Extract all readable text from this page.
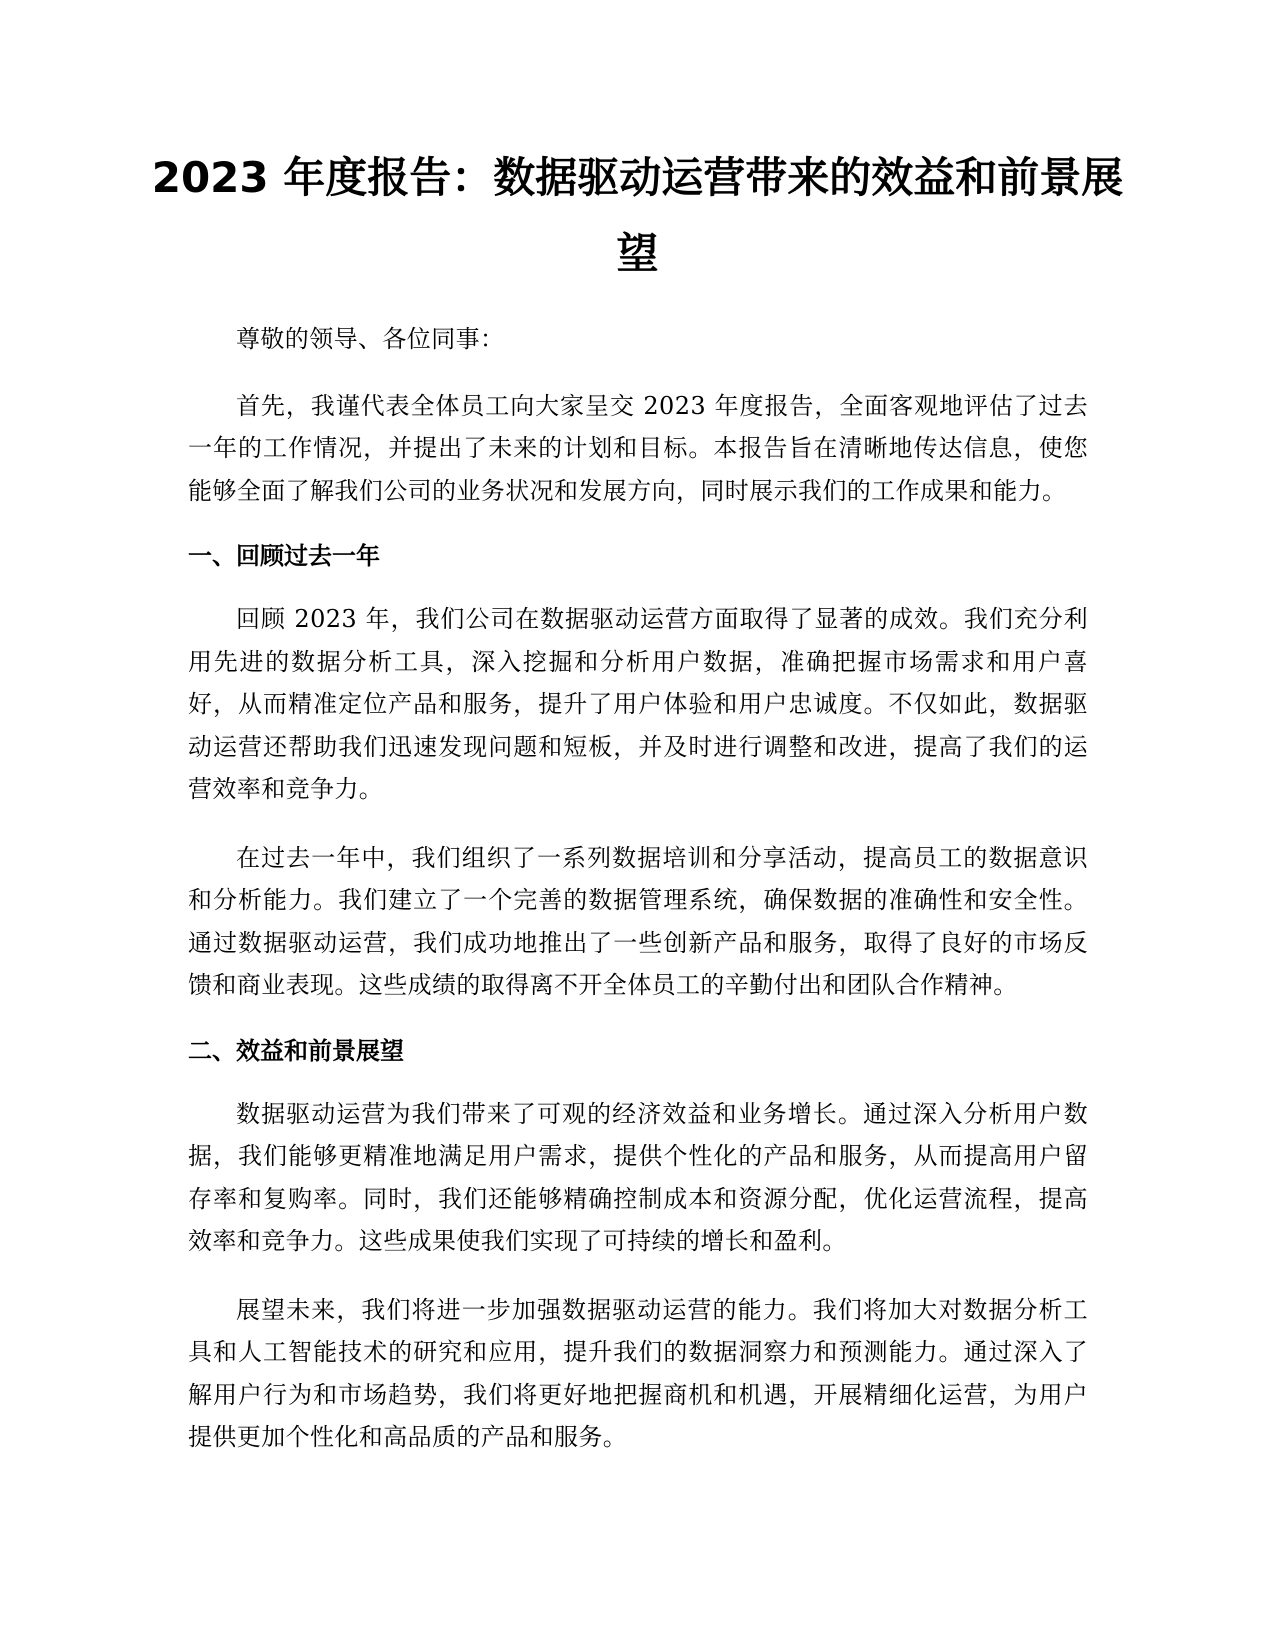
2023 年度报告：数据驱动运营带来的效益和前景展望

尊敬的领导、各位同事：

首先，我谨代表全体员工向大家呈交 2023 年度报告，全面客观地评估了过去一年的工作情况，并提出了未来的计划和目标。本报告旨在清晰地传达信息，使您能够全面了解我们公司的业务状况和发展方向，同时展示我们的工作成果和能力。

一、回顾过去一年

回顾 2023 年，我们公司在数据驱动运营方面取得了显著的成效。我们充分利用先进的数据分析工具，深入挖掘和分析用户数据，准确把握市场需求和用户喜好，从而精准定位产品和服务，提升了用户体验和用户忠诚度。不仅如此，数据驱动运营还帮助我们迅速发现问题和短板，并及时进行调整和改进，提高了我们的运营效率和竞争力。

在过去一年中，我们组织了一系列数据培训和分享活动，提高员工的数据意识和分析能力。我们建立了一个完善的数据管理系统，确保数据的准确性和安全性。通过数据驱动运营，我们成功地推出了一些创新产品和服务，取得了良好的市场反馈和商业表现。这些成绩的取得离不开全体员工的辛勤付出和团队合作精神。

二、效益和前景展望

数据驱动运营为我们带来了可观的经济效益和业务增长。通过深入分析用户数据，我们能够更精准地满足用户需求，提供个性化的产品和服务，从而提高用户留存率和复购率。同时，我们还能够精确控制成本和资源分配，优化运营流程，提高效率和竞争力。这些成果使我们实现了可持续的增长和盈利。

展望未来，我们将进一步加强数据驱动运营的能力。我们将加大对数据分析工具和人工智能技术的研究和应用，提升我们的数据洞察力和预测能力。通过深入了解用户行为和市场趋势，我们将更好地把握商机和机遇，开展精细化运营，为用户提供更加个性化和高品质的产品和服务。
